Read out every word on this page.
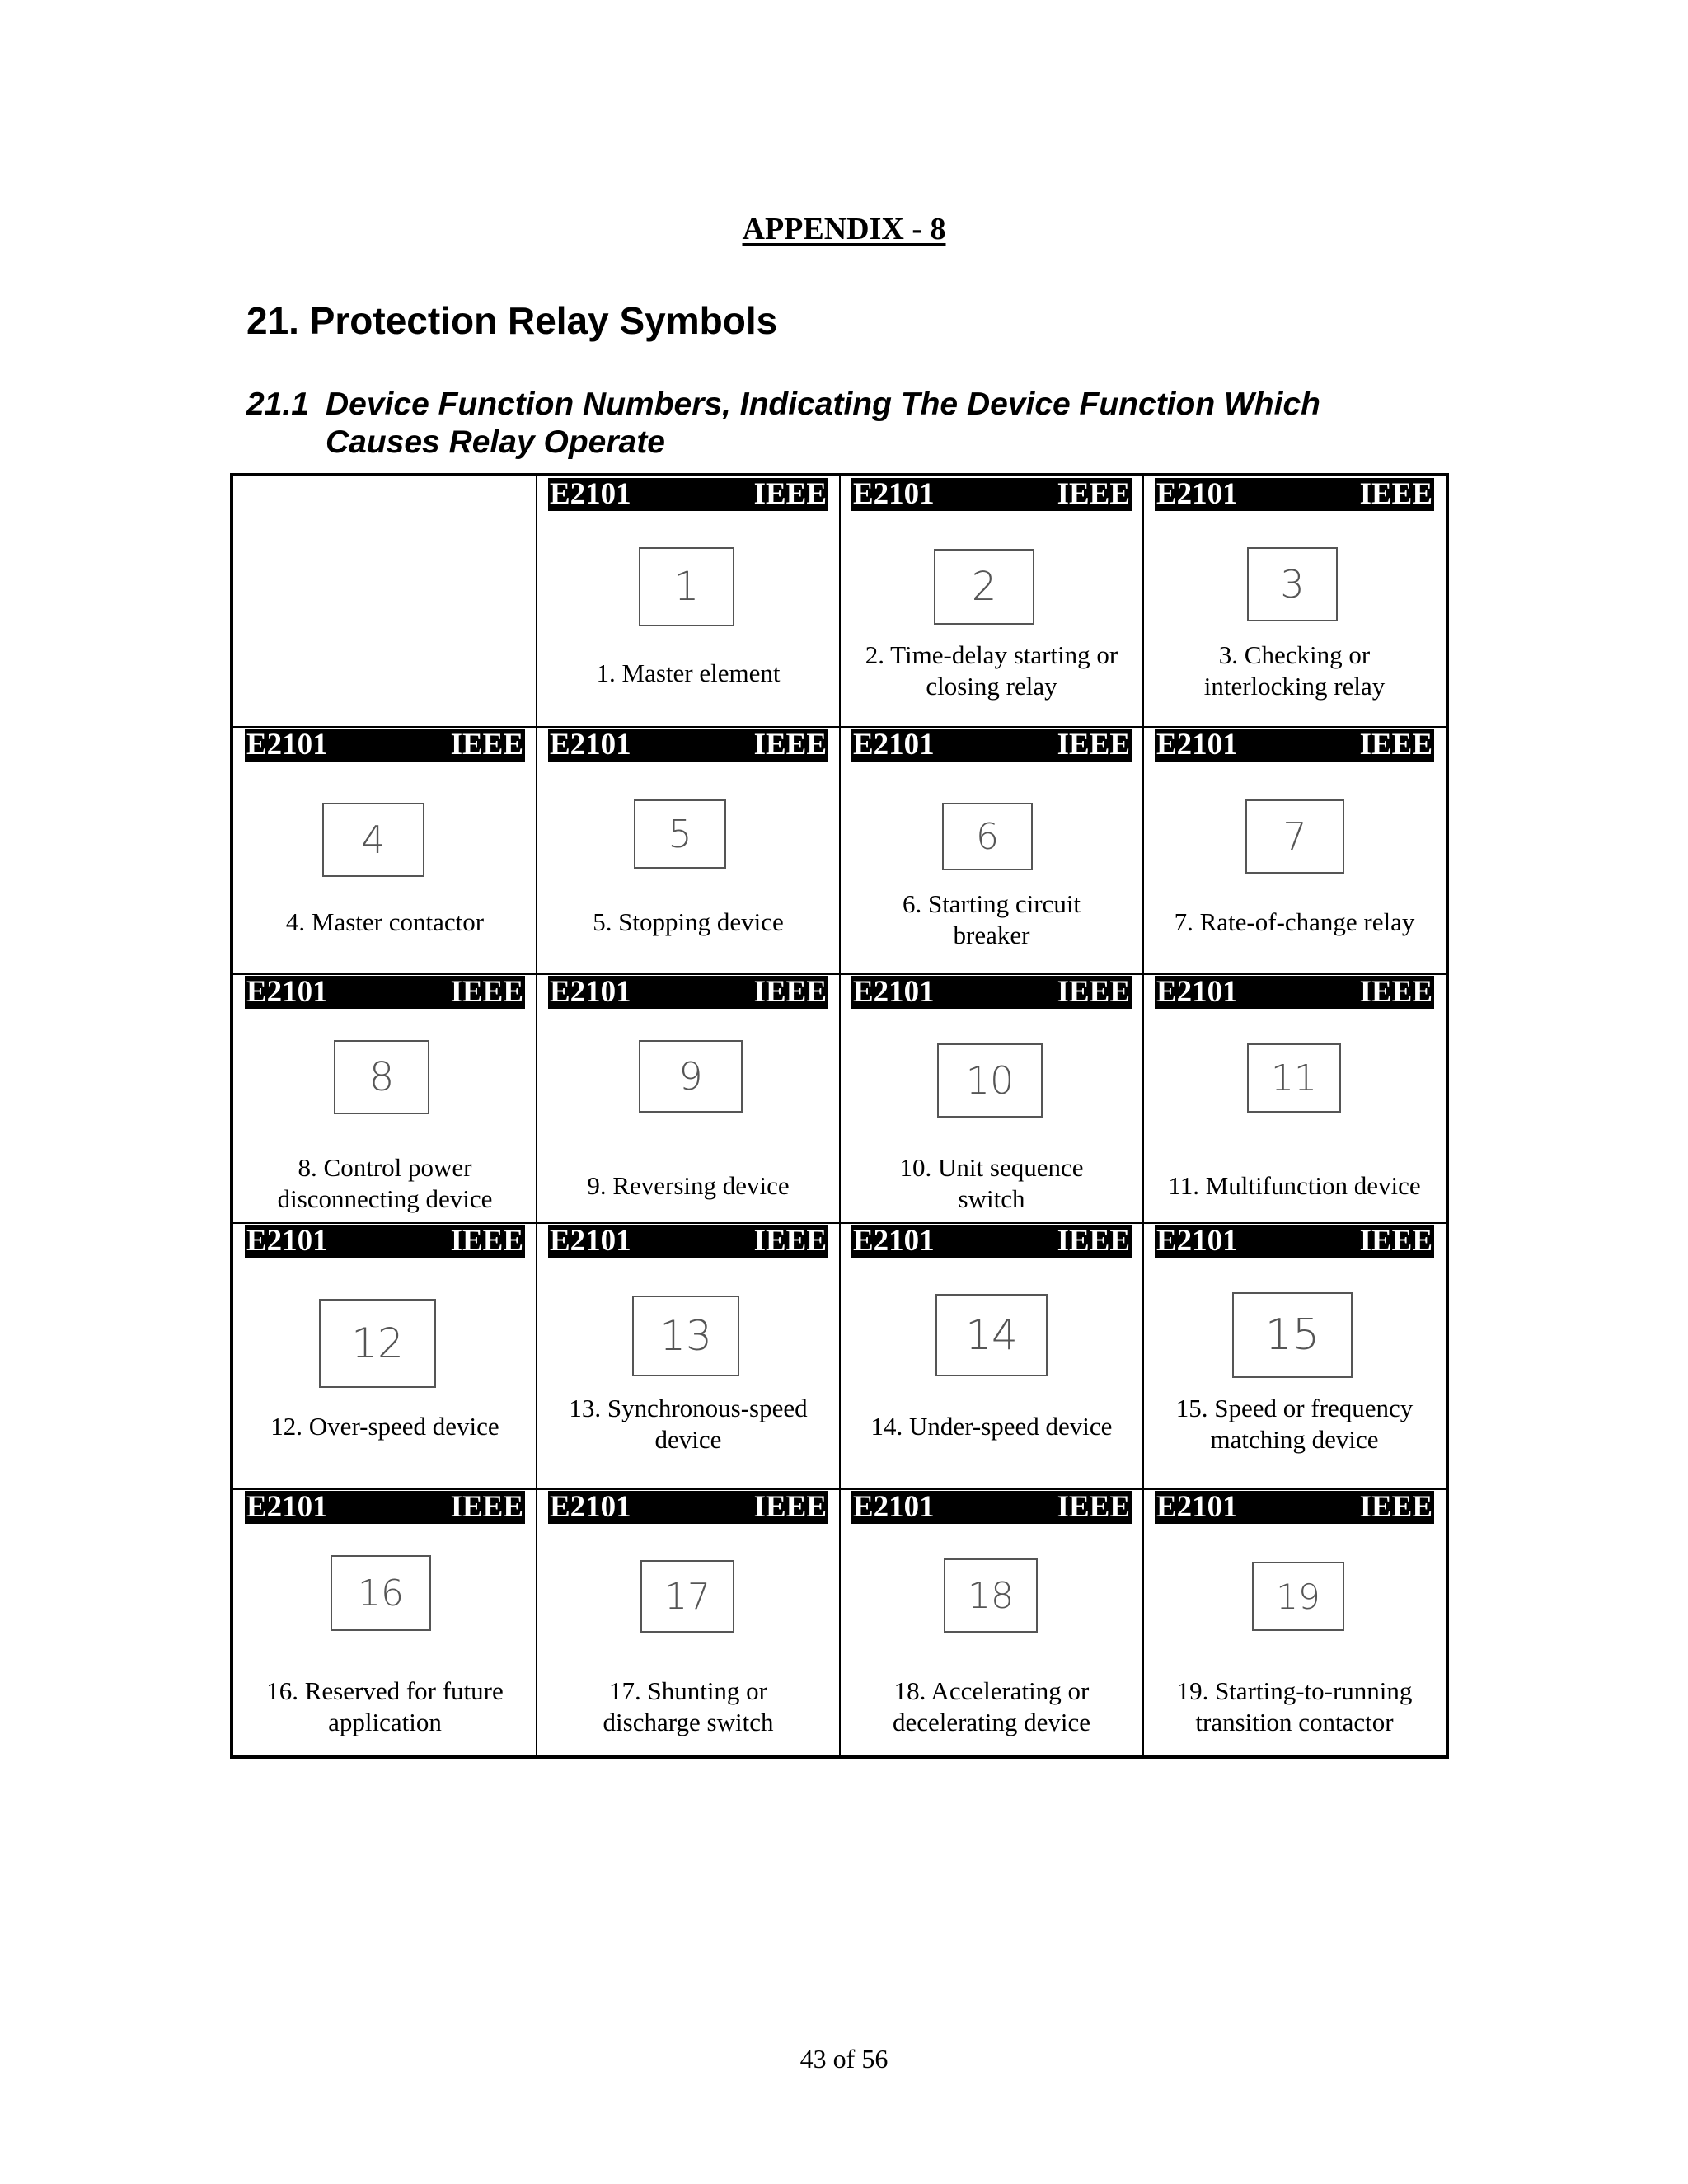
APPENDIX - 8
21. Protection Relay Symbols
21.1 Device Function Numbers, Indicating The Device Function Which
Causes Relay Operate
E2101	IEEE
1
1. Master element
E2101	IEEE
2
2. Time-delay starting or
closing relay
E2101	IEEE
3
3. Checking or
interlocking relay
E2101	IEEE
4
4. Master contactor
E2101	IEEE
5
5. Stopping device
E2101	IEEE
6
6. Starting circuit
breaker
E2101	IEEE
7
7. Rate-of-change relay
E2101	IEEE
8
8. Control power
disconnecting device
E2101	IEEE
9
9. Reversing device
E2101	IEEE
10
10. Unit sequence
switch
E2101	IEEE
11
11. Multifunction device
E2101	IEEE
12
12. Over-speed device
E2101	IEEE
13
13. Synchronous-speed
device
E2101	IEEE
14
14. Under-speed device
E2101	IEEE
15
15. Speed or frequency
matching device
E2101	IEEE
16
16. Reserved for future
application
E2101	IEEE
17
17. Shunting or
discharge switch
E2101	IEEE
18
18. Accelerating or
decelerating device
E2101	IEEE
19
19. Starting-to-running
transition contactor
43 of 56
